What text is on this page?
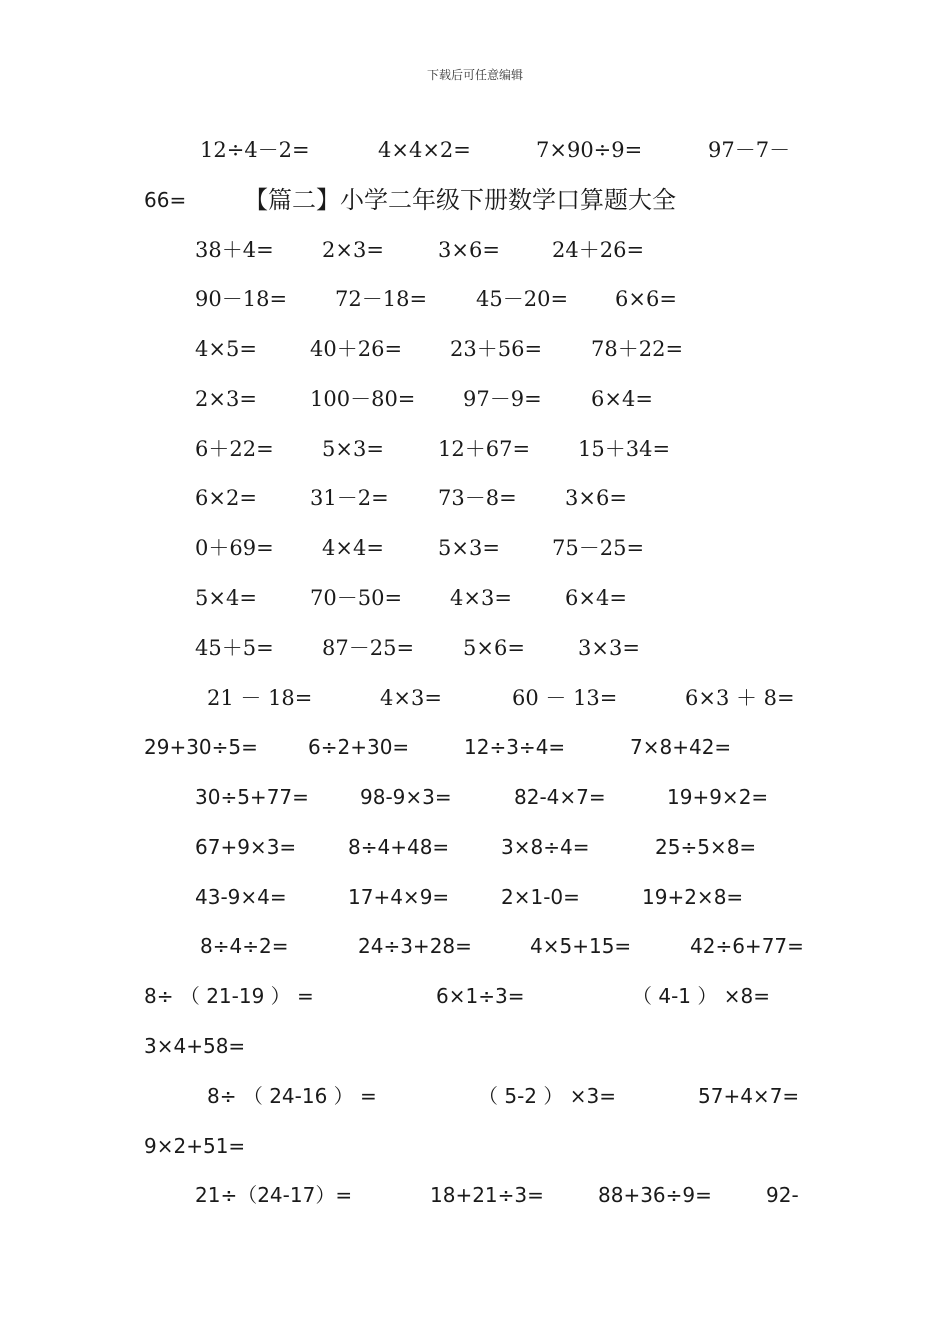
下载后可任意编辑
12÷4－2=	4×4×2=	7×90÷9=	97－7－
66= 【篇二】小学二年级下册数学口算题大全
38＋4= 2×3=	3×6= 24＋26=
90－18= 72－18= 45－20= 6×6=
4×5=	40＋26= 23＋56= 78＋22=
2×3=	100－80= 97－9= 6×4=
6＋22= 5×3=	12＋67= 15＋34=
6×2=	31－2= 73－8= 3×6=
0＋69= 4×4=	5×3= 75－25=
5×4=	70－50= 4×3=	6×4=
45＋5= 87－25= 5×6=	3×3=
21 － 18=	4×3=	60 － 13=	6×3 ＋ 8=
29+30÷5=	6÷2+30=	12÷3÷4=	7×8+42=
30÷5+77=	98-9×3=	82-4×7=	19+9×2=
67+9×3=	8÷4+48=	3×8÷4=	25÷5×8=
43-9×4=	17+4×9=	2×1-0=	19+2×8=
8÷4÷2=	24÷3+28=	4×5+15=	42÷6+77=
8÷ （ 21-19 ） =	6×1÷3=	（ 4-1 ） ×8=
3×4+58=
8÷ （ 24-16 ） =	（ 5-2 ） ×3=	57+4×7=
9×2+51=
21÷（24-17）=	18+21÷3=	88+36÷9=	92-
